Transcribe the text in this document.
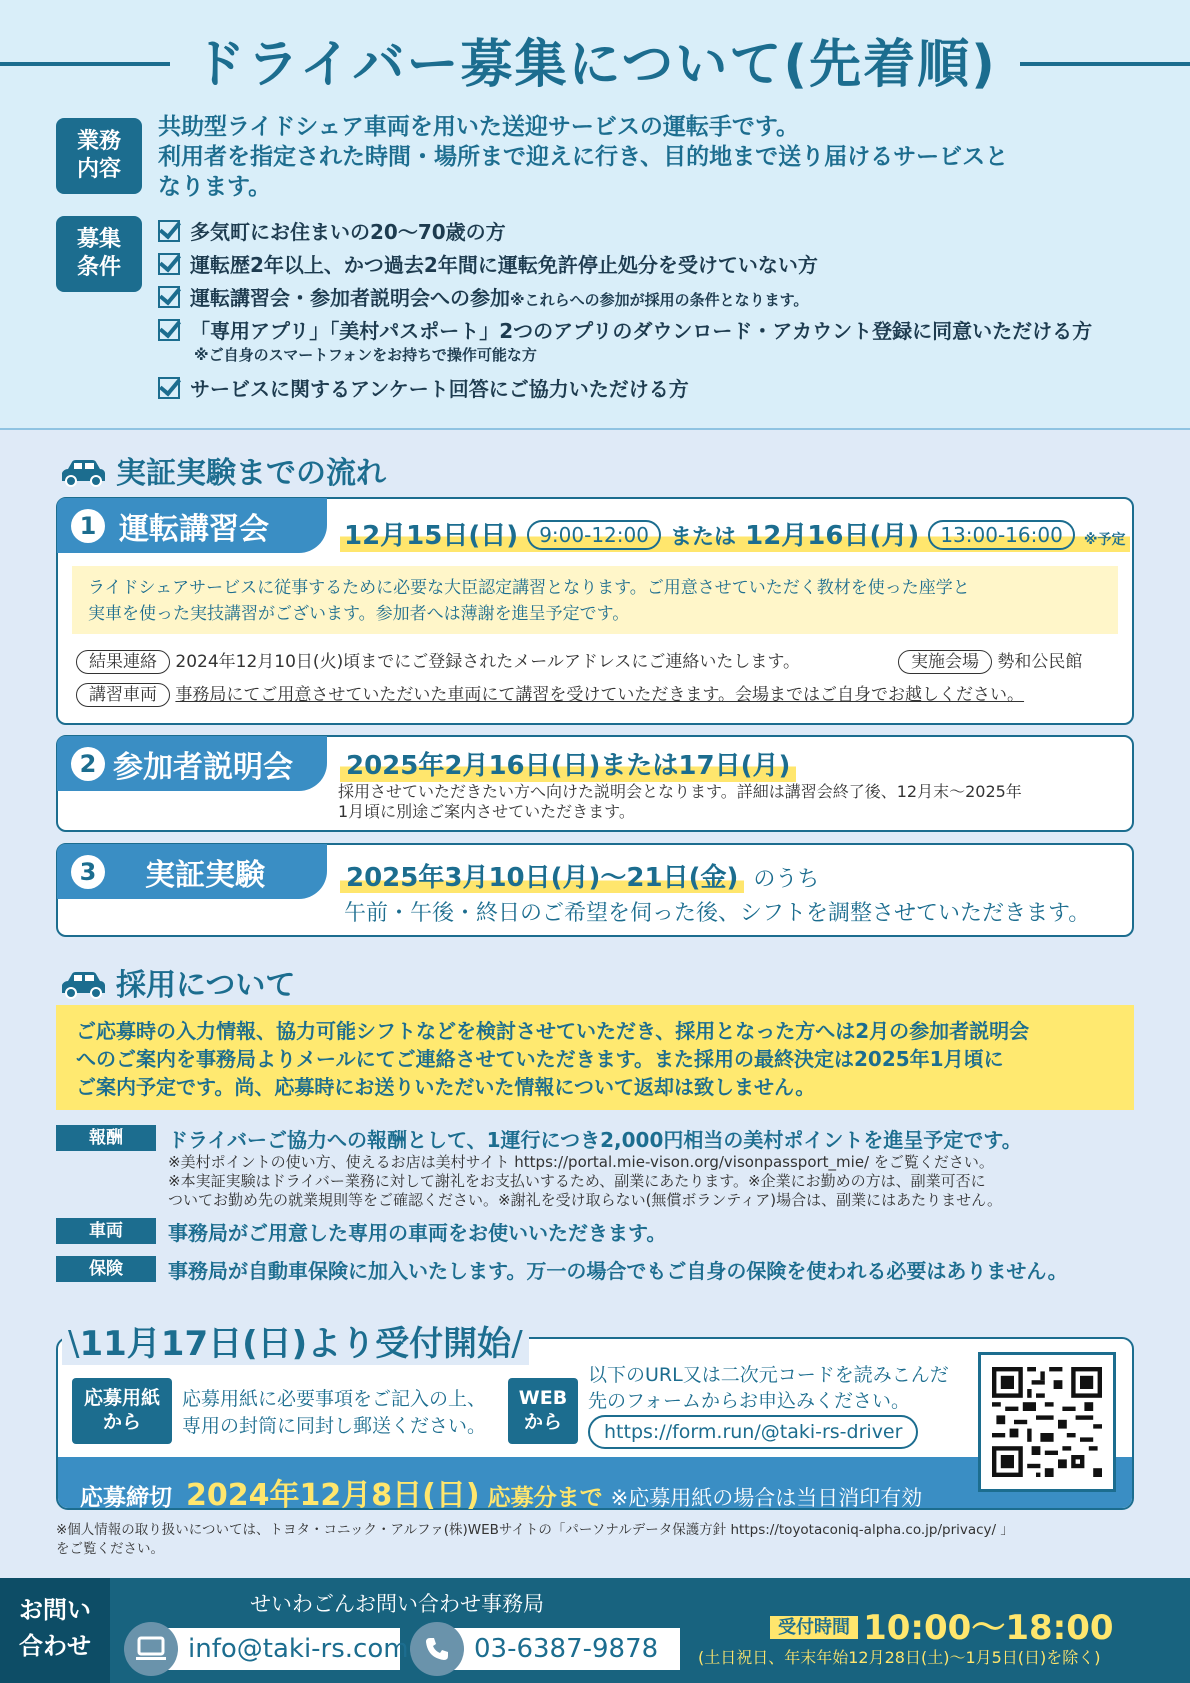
ドライバー募集について(先着順)
業務
内容
共助型ライドシェア車両を用いた送迎サービスの運転手です。
利用者を指定された時間・場所まで迎えに行き、目的地まで送り届けるサービスと
なります。
募集
条件
多気町にお住まいの20〜70歳の方
運転歴2年以上、かつ過去2年間に運転免許停止処分を受けていない方
運転講習会・参加者説明会への参加※これらへの参加が採用の条件となります。
「専用アプリ」「美村パスポート」2つのアプリのダウンロード・アカウント登録に同意いただける方
※ご自身のスマートフォンをお持ちで操作可能な方
サービスに関するアンケート回答にご協力いただける方
実証実験までの流れ
1 運転講習会	12月15日(日) 9:00-12:00 または 12月16日(月) 13:00-16:00 ※予定
ライドシェアサービスに従事するために必要な大臣認定講習となります。ご用意させていただく教材を使った座学と
実車を使った実技講習がございます。参加者へは薄謝を進呈予定です。
結果連絡 2024年12月10日(火)頃までにご登録されたメールアドレスにご連絡いたします。	実施会場 勢和公民館
講習車両 事務局にてご用意させていただいた車両にて講習を受けていただきます。会場まではご自身でお越しください。
2 参加者説明会 2025年2月16日(日)または17日(月)
採用させていただきたい方へ向けた説明会となります。詳細は講習会終了後、12月末〜2025年
1月頃に別途ご案内させていただきます。
3 実証実験	2025年3月10日(月)〜21日(金) のうち
午前・午後・終日のご希望を伺った後、シフトを調整させていただきます。
採用について
ご応募時の入力情報、協力可能シフトなどを検討させていただき、採用となった方へは2月の参加者説明会
へのご案内を事務局よりメールにてご連絡させていただきます。また採用の最終決定は2025年1月頃に
ご案内予定です。尚、応募時にお送りいただいた情報について返却は致しません。
報酬	ドライバーご協力への報酬として、1運行につき2,000円相当の美村ポイントを進呈予定です。
※美村ポイントの使い方、使えるお店は美村サイト https://portal.mie-vison.org/visonpassport_mie/ をご覧ください。
※本実証実験はドライバー業務に対して謝礼をお支払いするため、副業にあたります。※企業にお勤めの方は、副業可否に
ついてお勤め先の就業規則等をご確認ください。※謝礼を受け取らない(無償ボランティア)場合は、副業にはあたりません。
車両	事務局がご用意した専用の車両をお使いいただきます。
保険	事務局が自動車保険に加入いたします。万一の場合でもご自身の保険を使われる必要はありません。
\11月17日(日)より受付開始/
応募用紙
から
応募用紙に必要事項をご記入の上、
専用の封筒に同封し郵送ください。
WEB
から
以下のURL又は二次元コードを読みこんだ
先のフォームからお申込みください。
https://form.run/@taki-rs-driver
応募締切 2024年12月8日(日) 応募分まで ※応募用紙の場合は当日消印有効
※個人情報の取り扱いについては、トヨタ・コニック・アルファ(株)WEBサイトの「パーソナルデータ保護方針 https://toyotaconiq-alpha.co.jp/privacy/ 」
をご覧ください。
お問い
合わせ
せいわごんお問い合わせ事務局
info@taki-rs.com	03-6387-9878
受付時間 10:00〜18:00
(土日祝日、年末年始12月28日(土)〜1月5日(日)を除く)
